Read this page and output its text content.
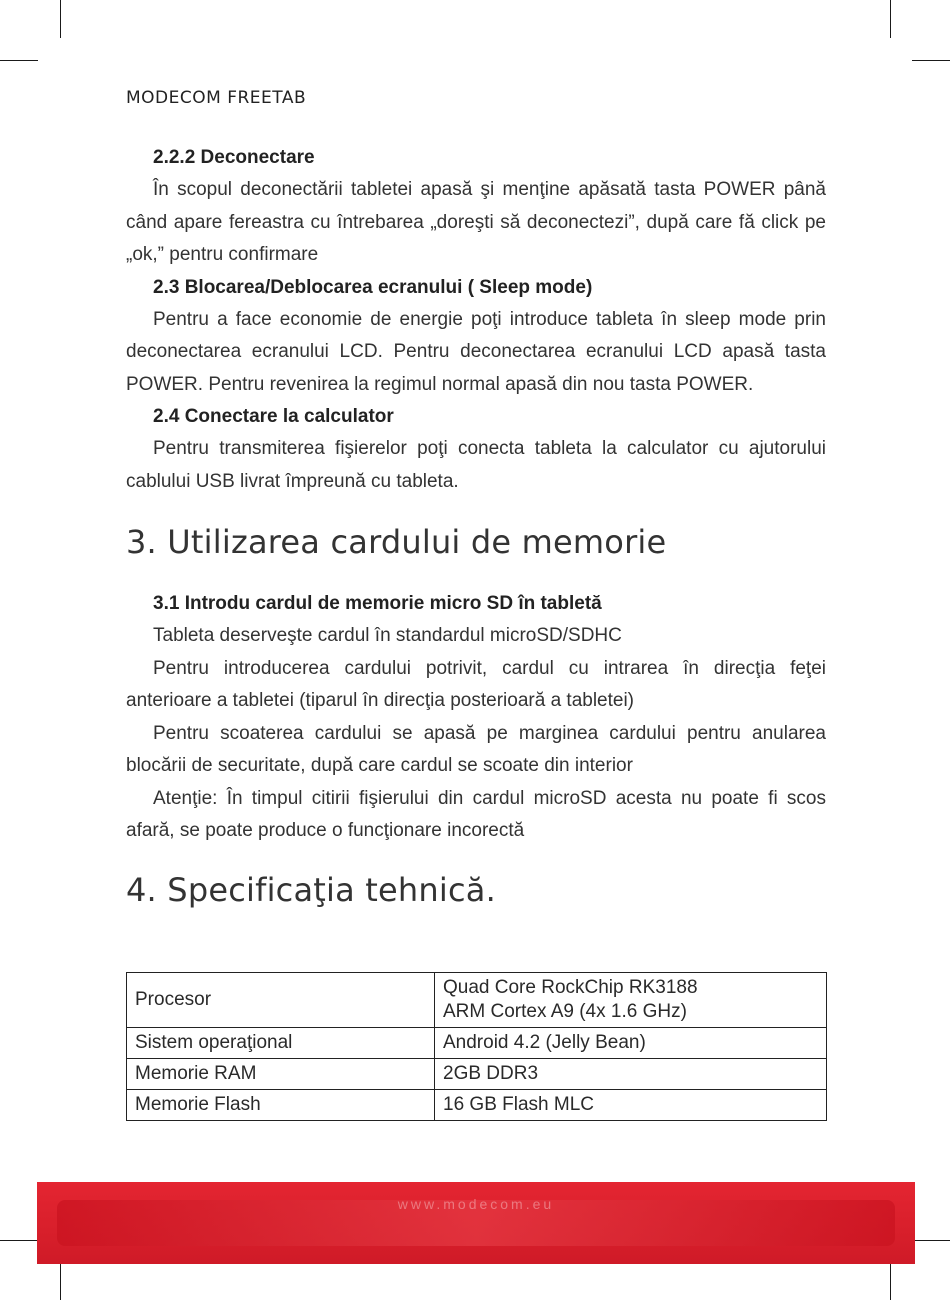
MODECOM FREETAB
2.2.2 Deconectare

În scopul deconectării tabletei apasă şi menţine apăsată tasta POWER până când apare fereastra cu întrebarea „doreşti să deconectezi”, după care fă click pe „ok,” pentru confirmare

2.3 Blocarea/Deblocarea ecranului ( Sleep mode)

Pentru a face economie de energie poţi introduce tableta în sleep mode prin deconectarea ecranului LCD. Pentru deconectarea ecranului LCD apasă tasta POWER. Pentru revenirea la regimul normal apasă din nou tasta POWER.

2.4 Conectare la calculator

Pentru transmiterea fişierelor poţi conecta tableta la calculator cu ajutorului cablului USB livrat împreună cu tableta.

3. Utilizarea cardului de memorie
3.1 Introdu cardul de memorie micro SD în tabletă

Tableta deserveşte cardul în standardul microSD/SDHC

Pentru introducerea cardului potrivit, cardul cu intrarea în direcţia feţei anterioare a tabletei (tiparul în direcţia posterioară a tabletei)

Pentru scoaterea cardului se apasă pe marginea cardului pentru anularea blocării de securitate, după care cardul se scoate din interior

Atenţie: În timpul citirii fişierului din cardul microSD acesta nu poate fi scos afară, se poate produce o funcţionare incorectă

4. Specificaţia tehnică.
Procesor	Quad Core RockChip RK3188
ARM Cortex A9 (4x 1.6 GHz)

Sistem operaţional	Android 4.2 (Jelly Bean)
Memorie RAM	2GB DDR3
Memorie Flash	16 GB Flash MLC
www.modecom.eu
